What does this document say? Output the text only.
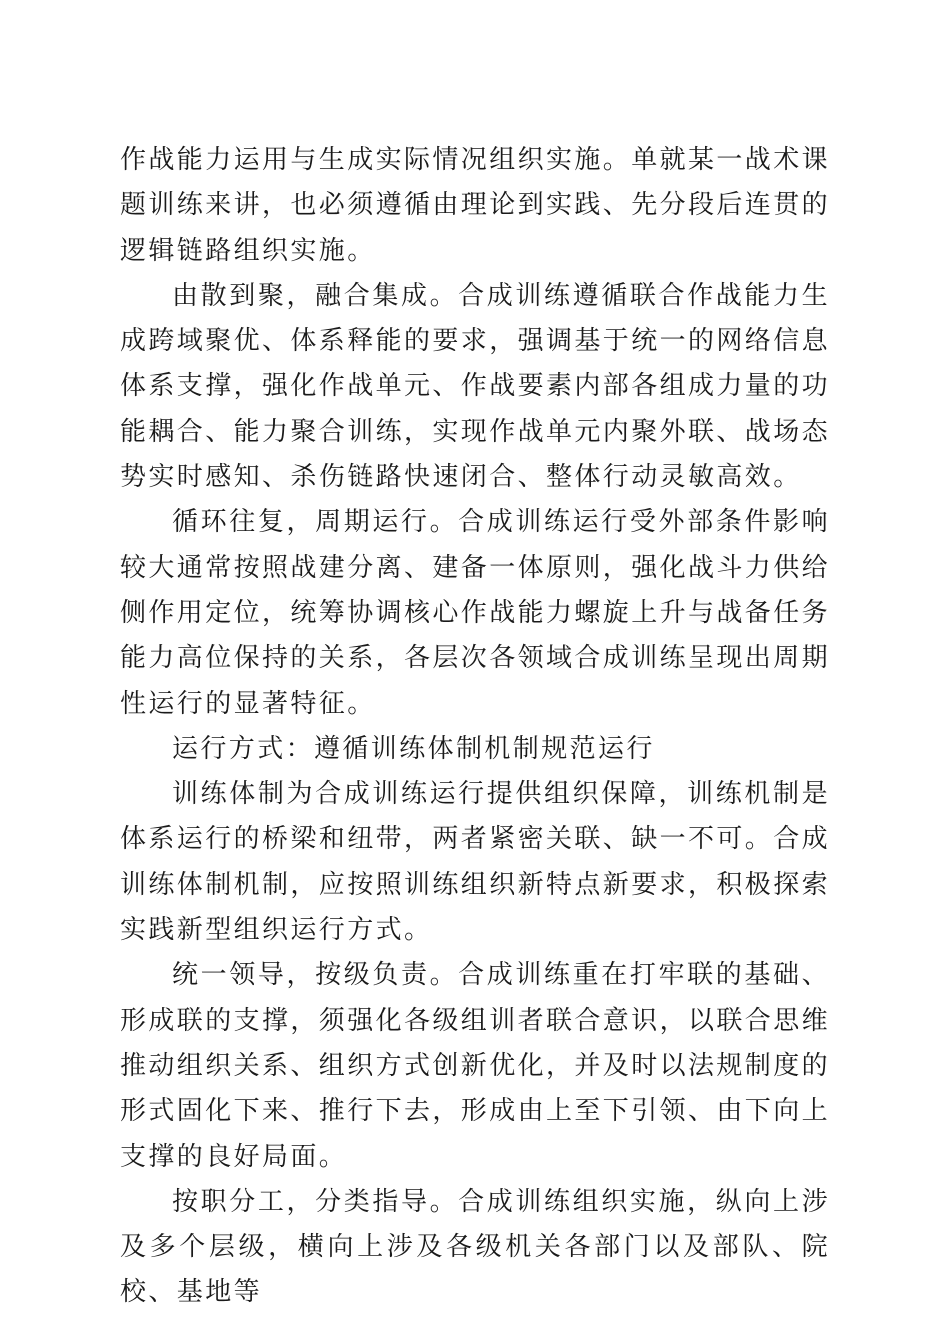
作战能力运用与生成实际情况组织实施。单就某一战术课题训练来讲，也必须遵循由理论到实践、先分段后连贯的逻辑链路组织实施。

由散到聚，融合集成。合成训练遵循联合作战能力生成跨域聚优、体系释能的要求，强调基于统一的网络信息体系支撑，强化作战单元、作战要素内部各组成力量的功能耦合、能力聚合训练，实现作战单元内聚外联、战场态势实时感知、杀伤链路快速闭合、整体行动灵敏高效。

循环往复，周期运行。合成训练运行受外部条件影响较大通常按照战建分离、建备一体原则，强化战斗力供给侧作用定位，统筹协调核心作战能力螺旋上升与战备任务能力高位保持的关系，各层次各领域合成训练呈现出周期性运行的显著特征。

运行方式：遵循训练体制机制规范运行

训练体制为合成训练运行提供组织保障，训练机制是体系运行的桥梁和纽带，两者紧密关联、缺一不可。合成训练体制机制，应按照训练组织新特点新要求，积极探索实践新型组织运行方式。

统一领导，按级负责。合成训练重在打牢联的基础、形成联的支撑，须强化各级组训者联合意识，以联合思维推动组织关系、组织方式创新优化，并及时以法规制度的形式固化下来、推行下去，形成由上至下引领、由下向上支撑的良好局面。

按职分工，分类指导。合成训练组织实施，纵向上涉及多个层级，横向上涉及各级机关各部门以及部队、院校、基地等
